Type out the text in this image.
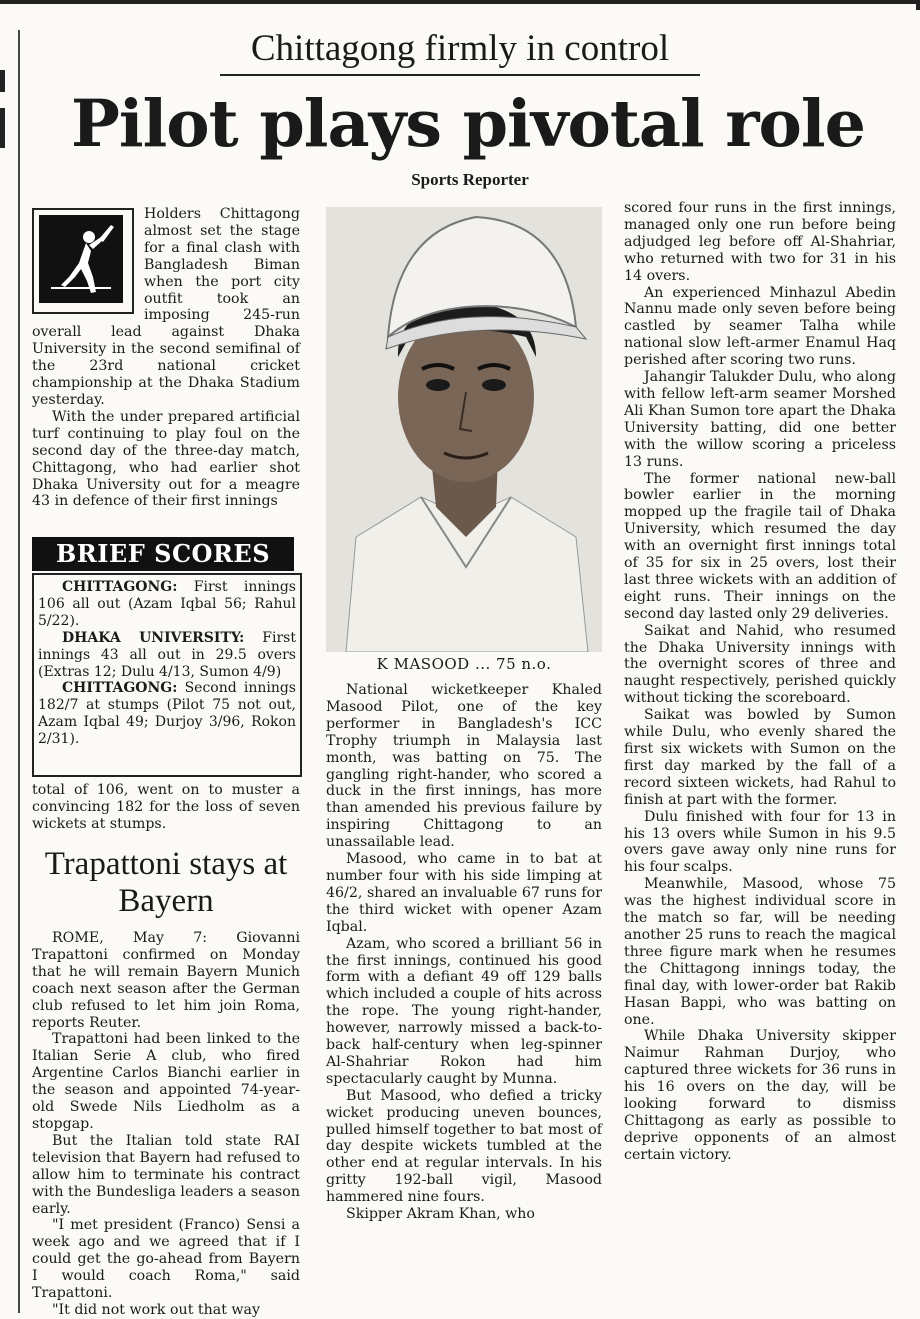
Chittagong firmly in control
Pilot plays pivotal role
Sports Reporter

Holders Chittagong almost set the stage for a final clash with Bangladesh Biman when the port city outfit took an imposing 245-run overall lead against Dhaka University in the second semifinal of the 23rd national cricket championship at the Dhaka Stadium yesterday.

With the under prepared artificial turf continuing to play foul on the second day of the three-day match, Chittagong, who had earlier shot Dhaka University out for a meagre 43 in defence of their first innings

BRIEF SCORES
CHITTAGONG: First innings 106 all out (Azam Iqbal 56; Rahul 5/22).
DHAKA UNIVERSITY: First innings 43 all out in 29.5 overs (Extras 12; Dulu 4/13, Sumon 4/9)
CHITTAGONG: Second innings 182/7 at stumps (Pilot 75 not out, Azam Iqbal 49; Durjoy 3/96, Rokon 2/31).

total of 106, went on to muster a convincing 182 for the loss of seven wickets at stumps.

Trapattoni stays at Bayern

ROME, May 7: Giovanni Trapattoni confirmed on Monday that he will remain Bayern Munich coach next season after the German club refused to let him join Roma, reports Reuter.

Trapattoni had been linked to the Italian Serie A club, who fired Argentine Carlos Bianchi earlier in the season and appointed 74-year-old Swede Nils Liedholm as a stopgap.

But the Italian told state RAI television that Bayern had refused to allow him to terminate his contract with the Bundesliga leaders a season early.

"I met president (Franco) Sensi a week ago and we agreed that if I could get the go-ahead from Bayern I would coach Roma," said Trapattoni.

"It did not work out that way

K MASOOD ... 75 n.o.

National wicketkeeper Khaled Masood Pilot, one of the key performer in Bangladesh's ICC Trophy triumph in Malaysia last month, was batting on 75. The gangling right-hander, who scored a duck in the first innings, has more than amended his previous failure by inspiring Chittagong to an unassailable lead.

Masood, who came in to bat at number four with his side limping at 46/2, shared an invaluable 67 runs for the third wicket with opener Azam Iqbal.

Azam, who scored a brilliant 56 in the first innings, continued his good form with a defiant 49 off 129 balls which included a couple of hits across the rope. The young right-hander, however, narrowly missed a back-to-back half-century when leg-spinner Al-Shahriar Rokon had him spectacularly caught by Munna.

But Masood, who defied a tricky wicket producing uneven bounces, pulled himself together to bat most of day despite wickets tumbled at the other end at regular intervals. In his gritty 192-ball vigil, Masood hammered nine fours.

Skipper Akram Khan, who

scored four runs in the first innings, managed only one run before being adjudged leg before off Al-Shahriar, who returned with two for 31 in his 14 overs.

An experienced Minhazul Abedin Nannu made only seven before being castled by seamer Talha while national slow left-armer Enamul Haq perished after scoring two runs.

Jahangir Talukder Dulu, who along with fellow left-arm seamer Morshed Ali Khan Sumon tore apart the Dhaka University batting, did one better with the willow scoring a priceless 13 runs.

The former national new-ball bowler earlier in the morning mopped up the fragile tail of Dhaka University, which resumed the day with an overnight first innings total of 35 for six in 25 overs, lost their last three wickets with an addition of eight runs. Their innings on the second day lasted only 29 deliveries.

Saikat and Nahid, who resumed the Dhaka University innings with the overnight scores of three and naught respectively, perished quickly without ticking the scoreboard.

Saikat was bowled by Sumon while Dulu, who evenly shared the first six wickets with Sumon on the first day marked by the fall of a record sixteen wickets, had Rahul to finish at part with the former.

Dulu finished with four for 13 in his 13 overs while Sumon in his 9.5 overs gave away only nine runs for his four scalps.

Meanwhile, Masood, whose 75 was the highest individual score in the match so far, will be needing another 25 runs to reach the magical three figure mark when he resumes the Chittagong innings today, the final day, with lower-order bat Rakib Hasan Bappi, who was batting on one.

While Dhaka University skipper Naimur Rahman Durjoy, who captured three wickets for 36 runs in his 16 overs on the day, will be looking forward to dismiss Chittagong as early as possible to deprive opponents of an almost certain victory.
